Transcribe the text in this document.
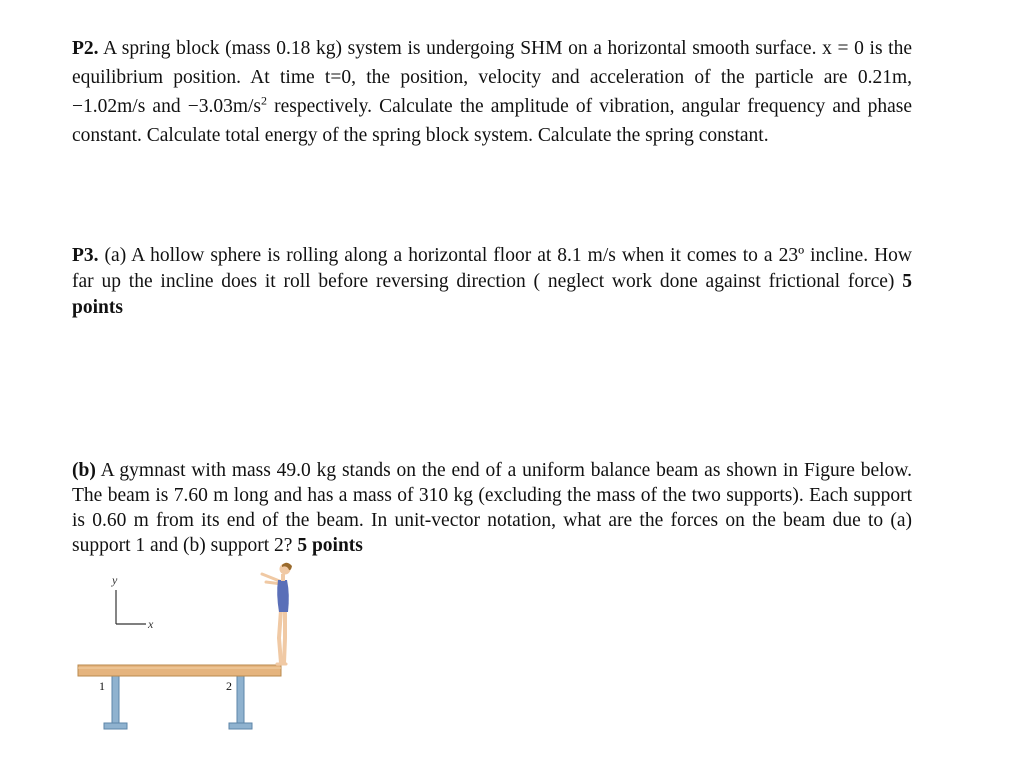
P2. A spring block (mass 0.18 kg) system is undergoing SHM on a horizontal smooth surface. x = 0 is the equilibrium position. At time t=0, the position, velocity and acceleration of the particle are 0.21m, −1.02m/s and $-3.03m/s^2$ respectively. Calculate the amplitude of vibration, angular frequency and phase constant. Calculate total energy of the spring block system. Calculate the spring constant.

P3. (a) A hollow sphere is rolling along a horizontal floor at 8.1 m/s when it comes to a 23º incline. How far up the incline does it roll before reversing direction ( neglect work done against frictional force) 5 points

(b) A gymnast with mass 49.0 kg stands on the end of a uniform balance beam as shown in Figure below. The beam is 7.60 m long and has a mass of 310 kg (excluding the mass of the two supports). Each support is 0.60 m from its end of the beam. In unit-vector notation, what are the forces on the beam due to (a) support 1 and (b) support 2? 5 points

y
x
1	2
